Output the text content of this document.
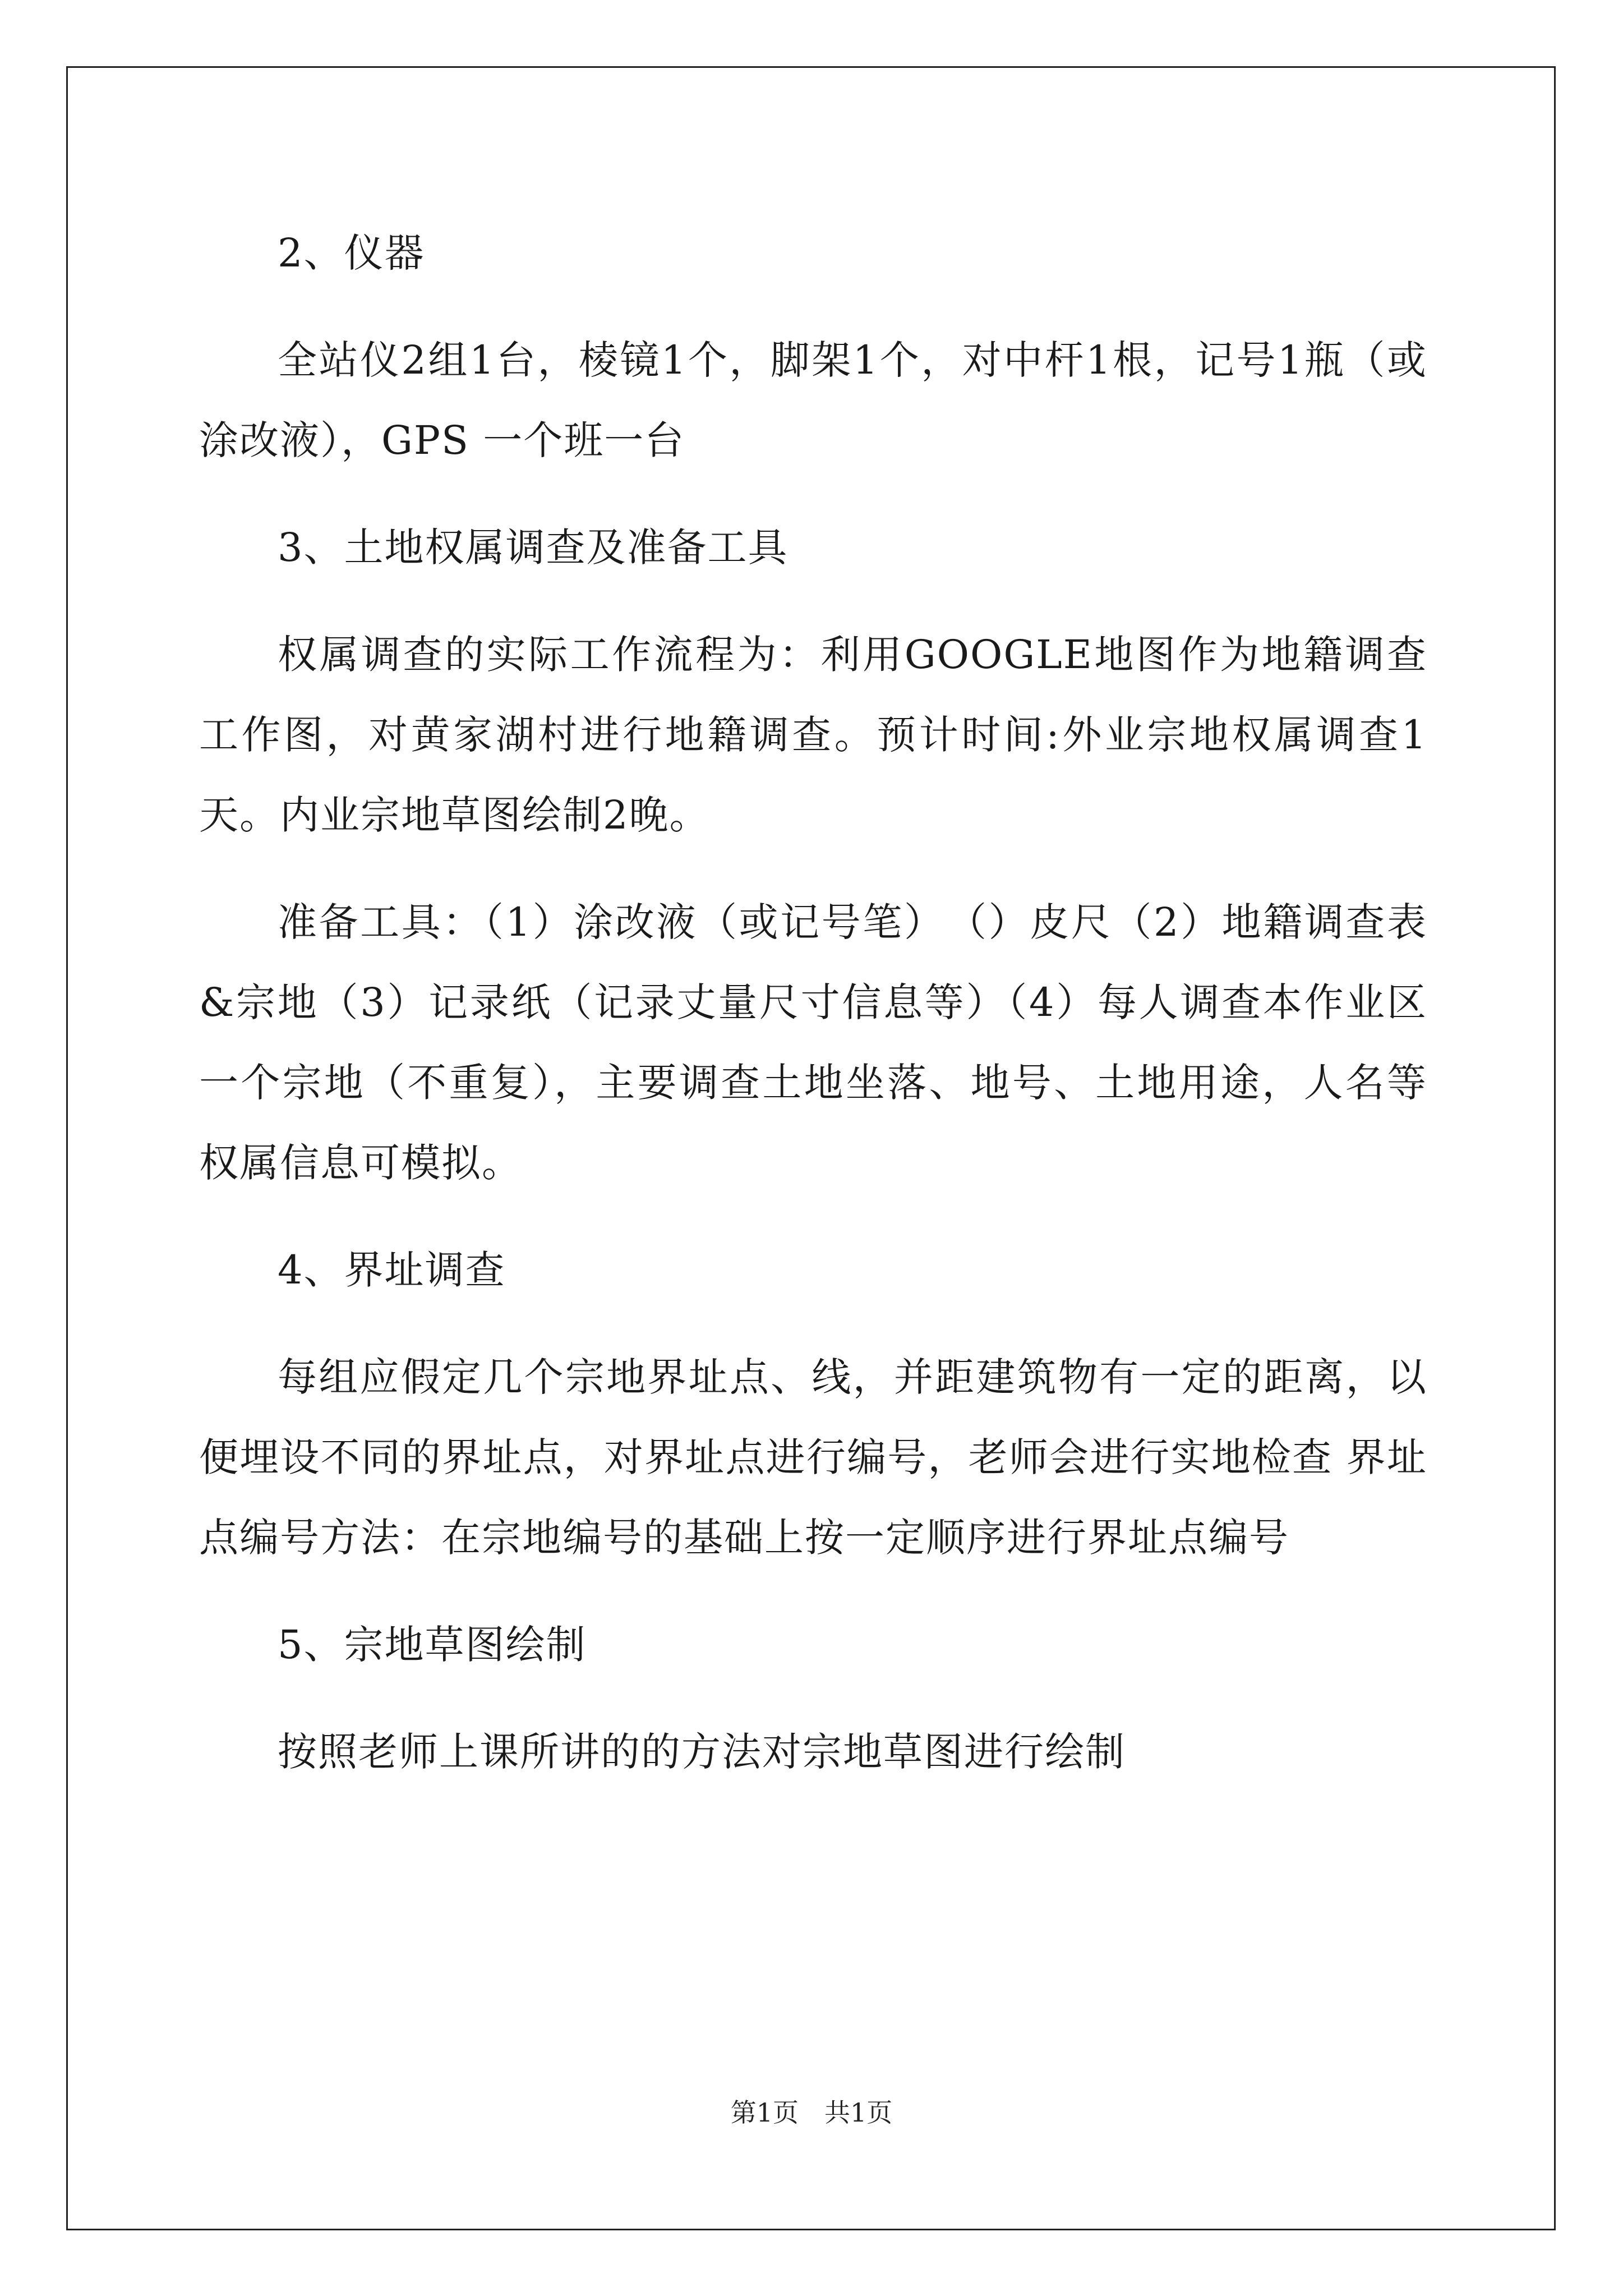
2、仪器

全站仪2组1台，棱镜1个，脚架1个，对中杆1根，记号1瓶（或涂改液），GPS 一个班一台

3、土地权属调查及准备工具

权属调查的实际工作流程为：利用GOOGLE地图作为地籍调查工作图，对黄家湖村进行地籍调查。预计时间:外业宗地权属调查1天。内业宗地草图绘制2晚。

准备工具：（1）涂改液（或记号笔）　（）皮尺（2）地籍调查表&宗地（3）记录纸（记录丈量尺寸信息等）（4）每人调查本作业区一个宗地（不重复），主要调查土地坐落、地号、土地用途，人名等权属信息可模拟。

4、界址调查

每组应假定几个宗地界址点、线，并距建筑物有一定的距离，以便埋设不同的界址点，对界址点进行编号，老师会进行实地检查 界址点编号方法：在宗地编号的基础上按一定顺序进行界址点编号

5、宗地草图绘制

按照老师上课所讲的的方法对宗地草图进行绘制

第1页　共1页
